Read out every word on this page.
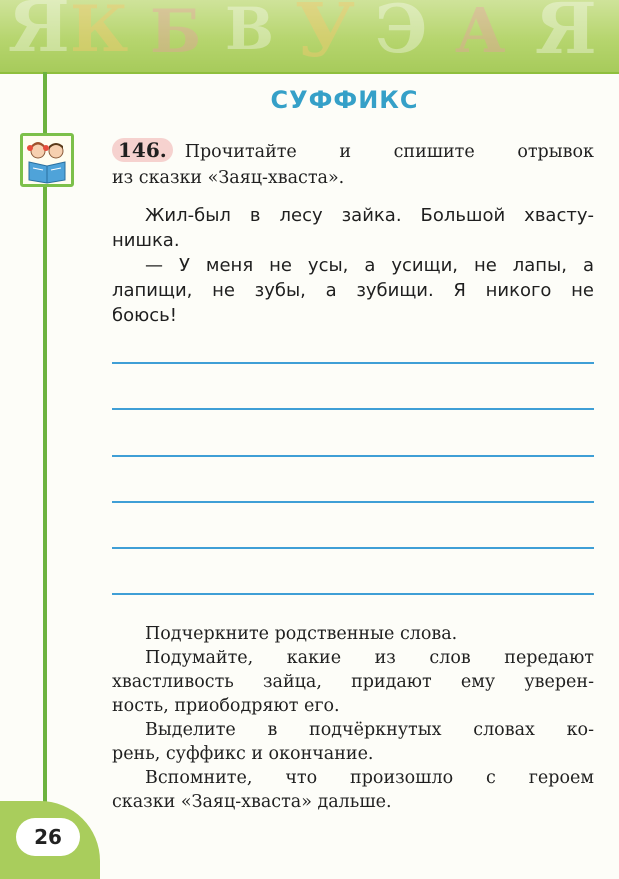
Я К Б В У Э А Я
СУФФИКС
146. Прочитайте и спишите отрывок
из сказки «Заяц-хваста».
Жил-был в лесу зайка. Большой хвасту-
нишка.
— У меня не усы, а усищи, не лапы, а
лапищи, не зубы, а зубищи. Я никого не
боюсь!
Подчеркните родственные слова.
Подумайте, какие из слов передают
хвастливость зайца, придают ему уверен-
ность, приободряют его.
Выделите в подчёркнутых словах ко-
рень, суффикс и окончание.
Вспомните, что произошло с героем
сказки «Заяц-хваста» дальше.
26
